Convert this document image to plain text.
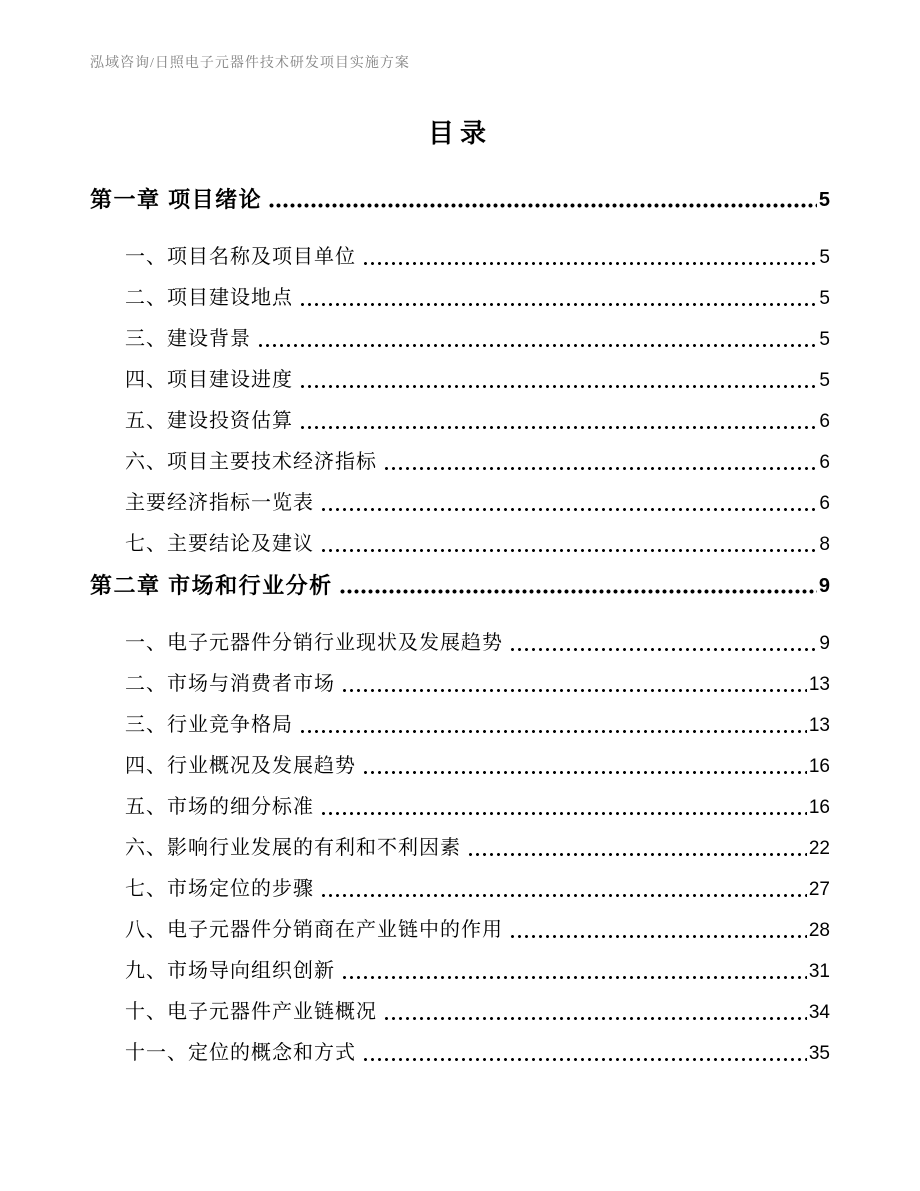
泓域咨询/日照电子元器件技术研发项目实施方案
目录
第一章 项目绪论	5
一、项目名称及项目单位	5
二、项目建设地点	5
三、建设背景	5
四、项目建设进度	5
五、建设投资估算	6
六、项目主要技术经济指标	6
主要经济指标一览表	6
七、主要结论及建议	8
第二章 市场和行业分析	9
一、电子元器件分销行业现状及发展趋势	9
二、市场与消费者市场	13
三、行业竞争格局	13
四、行业概况及发展趋势	16
五、市场的细分标准	16
六、影响行业发展的有利和不利因素	22
七、市场定位的步骤	27
八、电子元器件分销商在产业链中的作用	28
九、市场导向组织创新	31
十、电子元器件产业链概况	34
十一、定位的概念和方式	35
